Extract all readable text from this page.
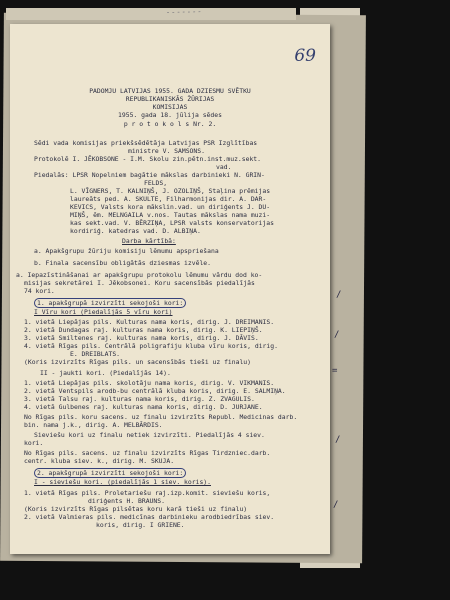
-------
/
/
=
/
/
69
PADOMJU LATVIJAS 1955. GADA DZIESMU SVĒTKU
REPUBLIKANISKĀS ŽŪRIJAS
KOMISIJAS
1955. gada 18. jūlija sēdes
p r o t o k o l s Nr. 2.
Sēdi vada komisijas priekšsēdētāja Latvijas PSR Izglītības
ministre V. SAMSONS.
Protokolē I. JĒKOBSONE - I.M. Skolu zin.pētn.inst.muz.sekt.
vad.
Piedalās: LPSR Nopelniem bagātie mākslas darbinieki N. GRIN-
FELDS,
L. VĪGNERS, T. KALNIŅŠ, J. OZOLIŅŠ, Staļina prēmijas
laureāts ped. A. SKULTE, Filharmonijas dir. A. DAR-
KEVICS, Valsts kora mākslin.vad. un diriģents J. DU-
MIŅŠ, ēm. MELNGAILA v.nos. Tautas mākslas nama muzi-
kas sekt.vad. V. BĒRZIŅA, LPSR valsts konservatorijas
kordiriģ. katedras vad. D. ALBIŅA.
Darba kārtībā:
a. Apakšgrupu žūriju komisiju lēmumu apspriešana
b. Finala sacensību obligātās dziesmas izvēle.
a. Iepazīstināšanai ar apakšgrupu protokolu lēmumu vārdu dod ko-
misijas sekretārei I. Jēkobsonei. Koru sacensībās piedalījās
74 kori.
1. apakšgrupā izvirzīti sekojoši kori:
I Vīru kori (Piedalījās 5 vīru kori)
1. vietā Liepājas pils. Kulturas nama koris, dirig. J. DREIMANIS.
2. vietā Dundagas raj. kulturas nama koris, dirig. K. LIEPIŅŠ.
3. vietā Smiltenes raj. kulturas nama koris, dirig. J. DĀVIS.
4. vietā Rīgas pils. Centrālā poligrafiju kluba vīru koris, dirig.
E. DREIBLATS.
(Koris izvirzīts Rīgas pils. un sacensībās tieši uz finalu)
II - jaukti kori. (Piedalījās 14).
1. vietā Liepājas pils. skolotāju nama koris, dirig. V. VIKMANIS.
2. vietā Ventspils arodb-bu centrālā kluba koris, dirig. E. SALMIŅA.
3. vietā Talsu raj. kulturas nama koris, dirig. Z. ZVAGULIS.
4. vietā Gulbenes raj. kulturas nama koris, dirig. D. JURJANE.
No Rīgas pils. koru sacens. uz finalu izvirzīts Republ. Medicinas darb.
bin. nama j.k., dirig. A. MELBĀRDIS.
Sieviešu kori uz finalu netiek izvirzīti. Piedalījās 4 siev.
kori.
No Rīgas pils. sacens. uz finalu izvirzīts Rīgas Tirdzniec.darb.
centr. kluba siev. k., dirig. M. SKUJA.
2. apakšgrupā izvirzīti sekojoši kori:
I - sieviešu kori. (piedalījās 1 siev. koris).
1. vietā Rīgas pils. Proletariešu raj.izp.komit. sieviešu koris,
diriģents H. BRAUNS.
(Koris izvirzīts Rīgas pilsētas koru karā tieši uz finalu)
2. vietā Valmieras pils. medicīnas darbinieku arodbiedrības siev.
koris, dirig. I GRIENE.
